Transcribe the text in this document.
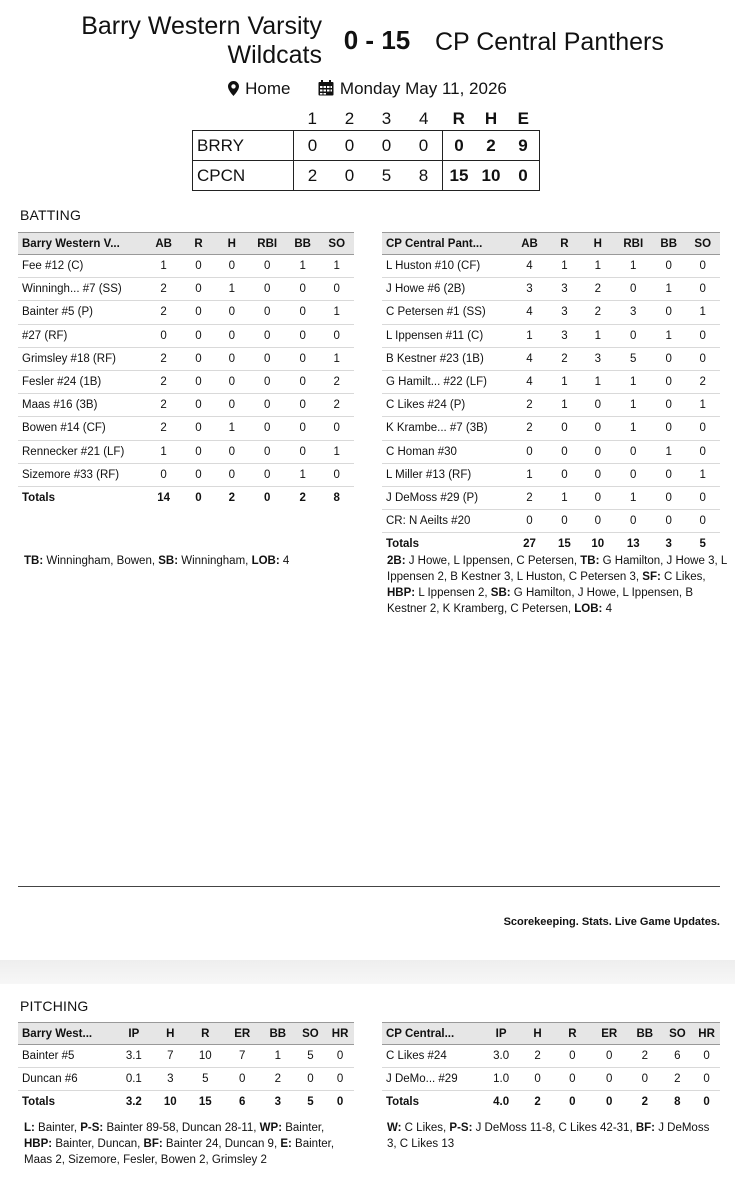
Barry Western Varsity Wildcats 0 - 15 CP Central Panthers
Home	Monday May 11, 2026
	1	2	3	4	R	H	E
BRRY	0	0	0	0	0	2	9
CPCN	2	0	5	8	15	10	0
BATTING
Barry Western V...	AB	R	H	RBI	BB	SO
Fee #12 (C)	1	0	0	0	1	1
Winningh... #7 (SS)	2	0	1	0	0	0
Bainter #5 (P)	2	0	0	0	0	1
#27 (RF)	0	0	0	0	0	0
Grimsley #18 (RF)	2	0	0	0	0	1
Fesler #24 (1B)	2	0	0	0	0	2
Maas #16 (3B)	2	0	0	0	0	2
Bowen #14 (CF)	2	0	1	0	0	0
Rennecker #21 (LF)	1	0	0	0	0	1
Sizemore #33 (RF)	0	0	0	0	1	0
Totals	14	0	2	0	2	8
TB: Winningham, Bowen, SB: Winningham, LOB: 4
CP Central Pant...	AB	R	H	RBI	BB	SO
L Huston #10 (CF)	4	1	1	1	0	0
J Howe #6 (2B)	3	3	2	0	1	0
C Petersen #1 (SS)	4	3	2	3	0	1
L Ippensen #11 (C)	1	3	1	0	1	0
B Kestner #23 (1B)	4	2	3	5	0	0
G Hamilt... #22 (LF)	4	1	1	1	0	2
C Likes #24 (P)	2	1	0	1	0	1
K Krambe... #7 (3B)	2	0	0	1	0	0
C Homan #30	0	0	0	0	1	0
L Miller #13 (RF)	1	0	0	0	0	1
J DeMoss #29 (P)	2	1	0	1	0	0
CR: N Aeilts #20	0	0	0	0	0	0
Totals	27	15	10	13	3	5
2B: J Howe, L Ippensen, C Petersen, TB: G Hamilton, J Howe 3, L Ippensen 2, B Kestner 3, L Huston, C Petersen 3, SF: C Likes, HBP: L Ippensen 2, SB: G Hamilton, J Howe, L Ippensen, B Kestner 2, K Kramberg, C Petersen, LOB: 4
Scorekeeping. Stats. Live Game Updates.
PITCHING
Barry West...	IP	H	R	ER	BB	SO	HR
Bainter #5	3.1	7	10	7	1	5	0
Duncan #6	0.1	3	5	0	2	0	0
Totals	3.2	10	15	6	3	5	0
L: Bainter, P-S: Bainter 89-58, Duncan 28-11, WP: Bainter, HBP: Bainter, Duncan, BF: Bainter 24, Duncan 9, E: Bainter, Maas 2, Sizemore, Fesler, Bowen 2, Grimsley 2
CP Central...	IP	H	R	ER	BB	SO	HR
C Likes #24	3.0	2	0	0	2	6	0
J DeMo... #29	1.0	0	0	0	0	2	0
Totals	4.0	2	0	0	2	8	0
W: C Likes, P-S: J DeMoss 11-8, C Likes 42-31, BF: J DeMoss 3, C Likes 13
